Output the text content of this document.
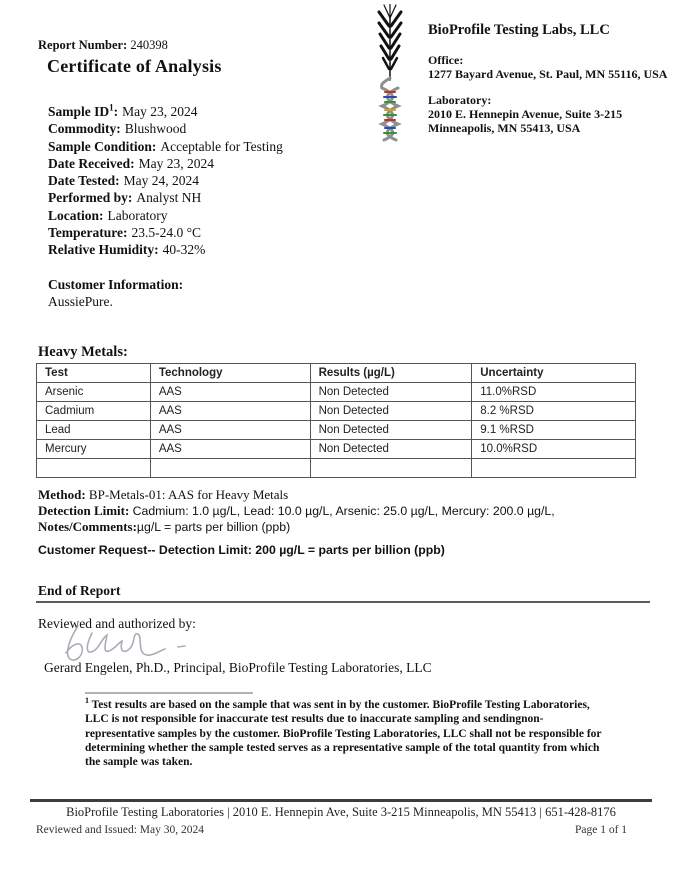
Report Number: 240398
Certificate of Analysis
BioProfile Testing Labs, LLC
Office:
1277 Bayard Avenue, St. Paul, MN 55116, USA
Laboratory:
2010 E. Hennepin Avenue, Suite 3-215
Minneapolis, MN 55413, USA
Sample $ID^1$: May 23, 2024
Commodity: Blushwood
Sample Condition: Acceptable for Testing
Date Received: May 23, 2024
Date Tested: May 24, 2024
Performed by: Analyst NH
Location: Laboratory
Temperature: 23.5-24.0 °C
Relative Humidity: 40-32%
Customer Information:
AussiePure.
Heavy Metals:
Test	Technology	Results (µg/L)	Uncertainty
Arsenic	AAS	Non Detected	11.0%RSD
Cadmium	AAS	Non Detected	8.2 %RSD
Lead	AAS	Non Detected	9.1 %RSD
Mercury	AAS	Non Detected	10.0%RSD

Method: BP-Metals-01: AAS for Heavy Metals
Detection Limit: Cadmium: 1.0 µg/L, Lead: 10.0 µg/L, Arsenic: 25.0 µg/L, Mercury: 200.0 µg/L,
Notes/Comments:µg/L = parts per billion (ppb)
Customer Request-- Detection Limit: 200 µg/L = parts per billion (ppb)
End of Report
Reviewed and authorized by:
Gerard Engelen, Ph.D., Principal, BioProfile Testing Laboratories, LLC
$^1$ Test results are based on the sample that was sent in by the customer. BioProfile Testing Laboratories, LLC is not responsible for inaccurate test results due to inaccurate sampling and sendingnon-representative samples by the customer. BioProfile Testing Laboratories, LLC shall not be responsible for determining whether the sample tested serves as a representative sample of the total quantity from which the sample was taken.
BioProfile Testing Laboratories | 2010 E. Hennepin Ave, Suite 3-215 Minneapolis, MN 55413 | 651-428-8176
Reviewed and Issued: May 30, 2024	Page 1 of 1
